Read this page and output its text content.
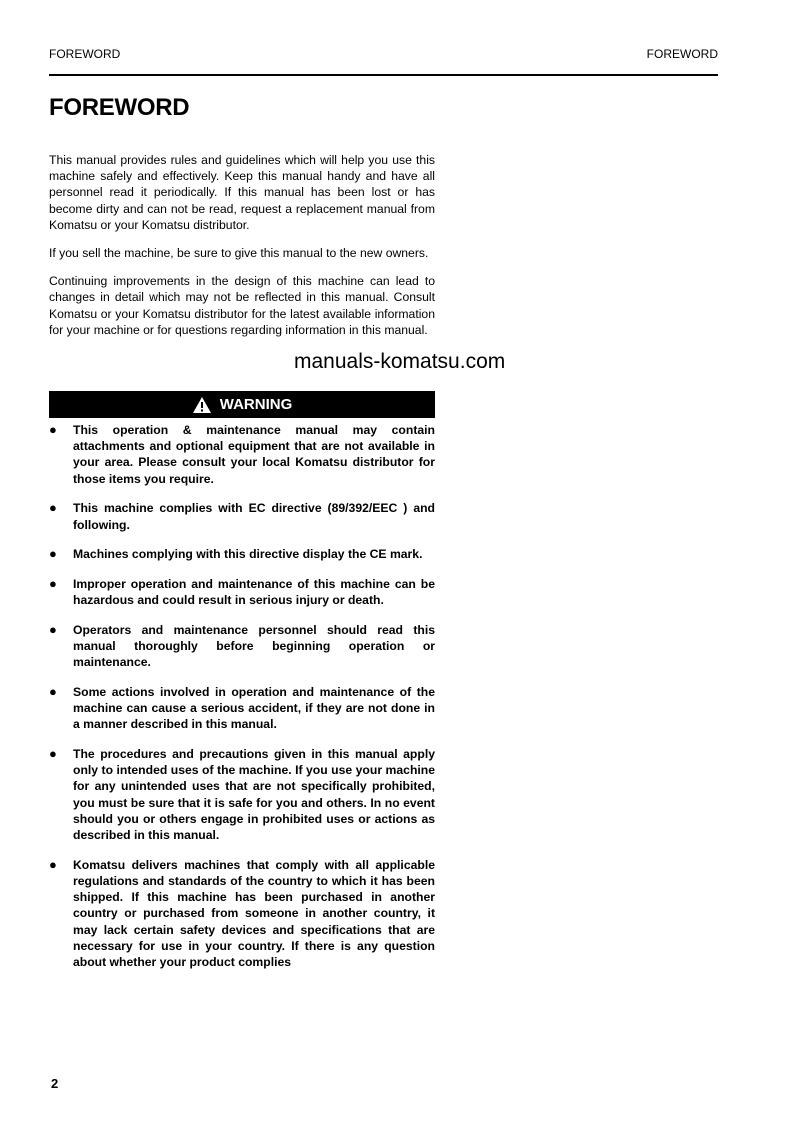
FOREWORD	FOREWORD
FOREWORD

This manual provides rules and guidelines which will help you use this machine safely and effectively. Keep this manual handy and have all personnel read it periodically. If this manual has been lost or has become dirty and can not be read, request a replacement manual from Komatsu or your Komatsu distributor.

If you sell the machine, be sure to give this manual to the new owners.

Continuing improvements in the design of this machine can lead to changes in detail which may not be reflected in this manual. Consult Komatsu or your Komatsu distributor for the latest available information for your machine or for questions regarding information in this manual.

manuals-komatsu.com
WARNING
● This operation & maintenance manual may contain attachments and optional equipment that are not available in your area. Please consult your local Komatsu distributor for those items you require.
● This machine complies with EC directive (89/392/EEC ) and following.
● Machines complying with this directive display the CE mark.
● Improper operation and maintenance of this machine can be hazardous and could result in serious injury or death.
● Operators and maintenance personnel should read this manual thoroughly before beginning operation or maintenance.
● Some actions involved in operation and maintenance of the machine can cause a serious accident, if they are not done in a manner described in this manual.
● The procedures and precautions given in this manual apply only to intended uses of the machine. If you use your machine for any unintended uses that are not specifically prohibited, you must be sure that it is safe for you and others. In no event should you or others engage in prohibited uses or actions as described in this manual.
● Komatsu delivers machines that comply with all applicable regulations and standards of the country to which it has been shipped. If this machine has been purchased in another country or purchased from someone in another country, it may lack certain safety devices and specifications that are necessary for use in your country. If there is any question about whether your product complies
2
